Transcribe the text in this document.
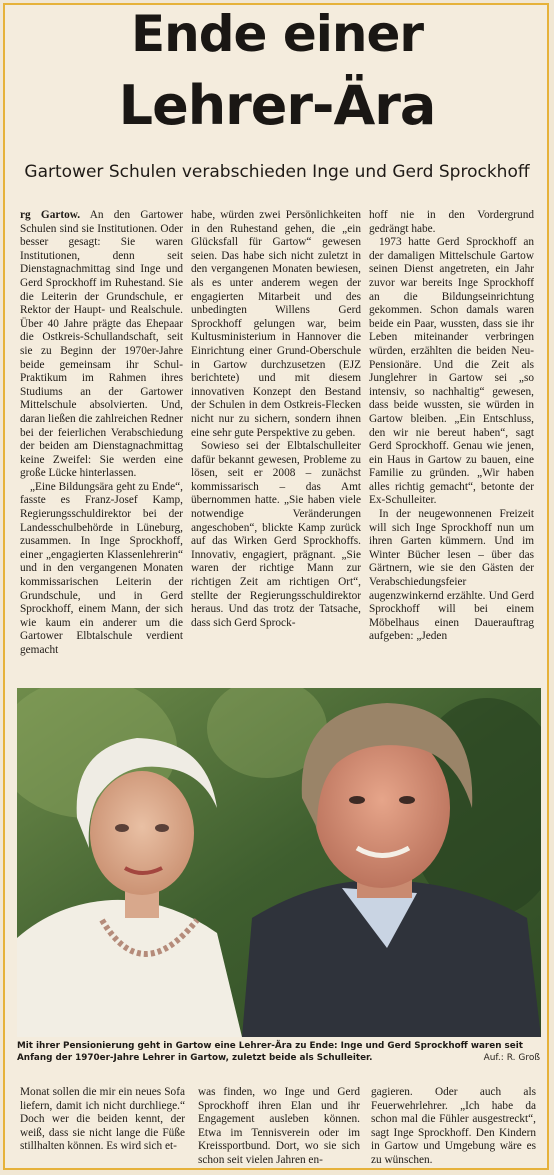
Ende einer
Lehrer-Ära
Gartower Schulen verabschieden Inge und Gerd Sprockhoff

rg Gartow. An den Gartower Schulen sind sie Institutionen. Oder besser gesagt: Sie waren Institutionen, denn seit Dienstagnachmittag sind Inge und Gerd Sprockhoff im Ruhestand. Sie die Leiterin der Grundschule, er Rektor der Haupt- und Realschule. Über 40 Jahre prägte das Ehepaar die Ostkreis-Schullandschaft, seit sie zu Beginn der 1970er-Jahre beide gemeinsam ihr Schul-Praktikum im Rahmen ihres Studiums an der Gartower Mittelschule absolvierten. Und, daran ließen die zahlreichen Redner bei der feierlichen Verabschiedung der beiden am Dienstagnachmittag keine Zweifel: Sie werden eine große Lücke hinterlassen.

„Eine Bildungsära geht zu Ende“, fasste es Franz-Josef Kamp, Regierungsschuldirektor bei der Landesschulbehörde in Lüneburg, zusammen. In Inge Sprockhoff, einer „engagierten Klassenlehrerin“ und in den vergangenen Monaten kommissarischen Leiterin der Grundschule, und in Gerd Sprockhoff, einem Mann, der sich wie kaum ein anderer um die Gartower Elbtalschule verdient gemacht

habe, würden zwei Persönlichkeiten in den Ruhestand gehen, die „ein Glücksfall für Gartow“ gewesen seien. Das habe sich nicht zuletzt in den vergangenen Monaten bewiesen, als es unter anderem wegen der engagierten Mitarbeit und des unbedingten Willens Gerd Sprockhoff gelungen war, beim Kultusministerium in Hannover die Einrichtung einer Grund-Oberschule in Gartow durchzusetzen (EJZ berichtete) und mit diesem innovativen Konzept den Bestand der Schulen in dem Ostkreis-Flecken nicht nur zu sichern, sondern ihnen eine sehr gute Perspektive zu geben.

Sowieso sei der Elbtalschulleiter dafür bekannt gewesen, Probleme zu lösen, seit er 2008 – zunächst kommissarisch – das Amt übernommen hatte. „Sie haben viele notwendige Veränderungen angeschoben“, blickte Kamp zurück auf das Wirken Gerd Sprockhoffs. Innovativ, engagiert, prägnant. „Sie waren der richtige Mann zur richtigen Zeit am richtigen Ort“, stellte der Regierungsschuldirektor heraus. Und das trotz der Tatsache, dass sich Gerd Sprock-

hoff nie in den Vordergrund gedrängt habe.

1973 hatte Gerd Sprockhoff an der damaligen Mittelschule Gartow seinen Dienst angetreten, ein Jahr zuvor war bereits Inge Sprockhoff an die Bildungseinrichtung gekommen. Schon damals waren beide ein Paar, wussten, dass sie ihr Leben miteinander verbringen würden, erzählten die beiden Neu-Pensionäre. Und die Zeit als Junglehrer in Gartow sei „so intensiv, so nachhaltig“ gewesen, dass beide wussten, sie würden in Gartow bleiben. „Ein Entschluss, den wir nie bereut haben“, sagt Gerd Sprockhoff. Genau wie jenen, ein Haus in Gartow zu bauen, eine Familie zu gründen. „Wir haben alles richtig gemacht“, betonte der Ex-Schulleiter.

In der neugewonnenen Freizeit will sich Inge Sprockhoff nun um ihren Garten kümmern. Und im Winter Bücher lesen – über das Gärtnern, wie sie den Gästen der Verabschiedungsfeier augenzwinkernd erzählte. Und Gerd Sprockhoff will bei einem Möbelhaus einen Dauerauftrag aufgeben: „Jeden

Mit ihrer Pensionierung geht in Gartow eine Lehrer-Ära zu Ende: Inge und Gerd Sprockhoff waren seit Anfang der 1970er-Jahre Lehrer in Gartow, zuletzt beide als Schulleiter.	Auf.: R. Groß

Monat sollen die mir ein neues Sofa liefern, damit ich nicht durchliege.“ Doch wer die beiden kennt, der weiß, dass sie nicht lange die Füße stillhalten können. Es wird sich et-

was finden, wo Inge und Gerd Sprockhoff ihren Elan und ihr Engagement ausleben können. Etwa im Tennisverein oder im Kreissportbund. Dort, wo sie sich schon seit vielen Jahren en-

gagieren. Oder auch als Feuerwehrlehrer. „Ich habe da schon mal die Fühler ausgestreckt“, sagt Inge Sprockhoff. Den Kindern in Gartow und Umgebung wäre es zu wünschen.
